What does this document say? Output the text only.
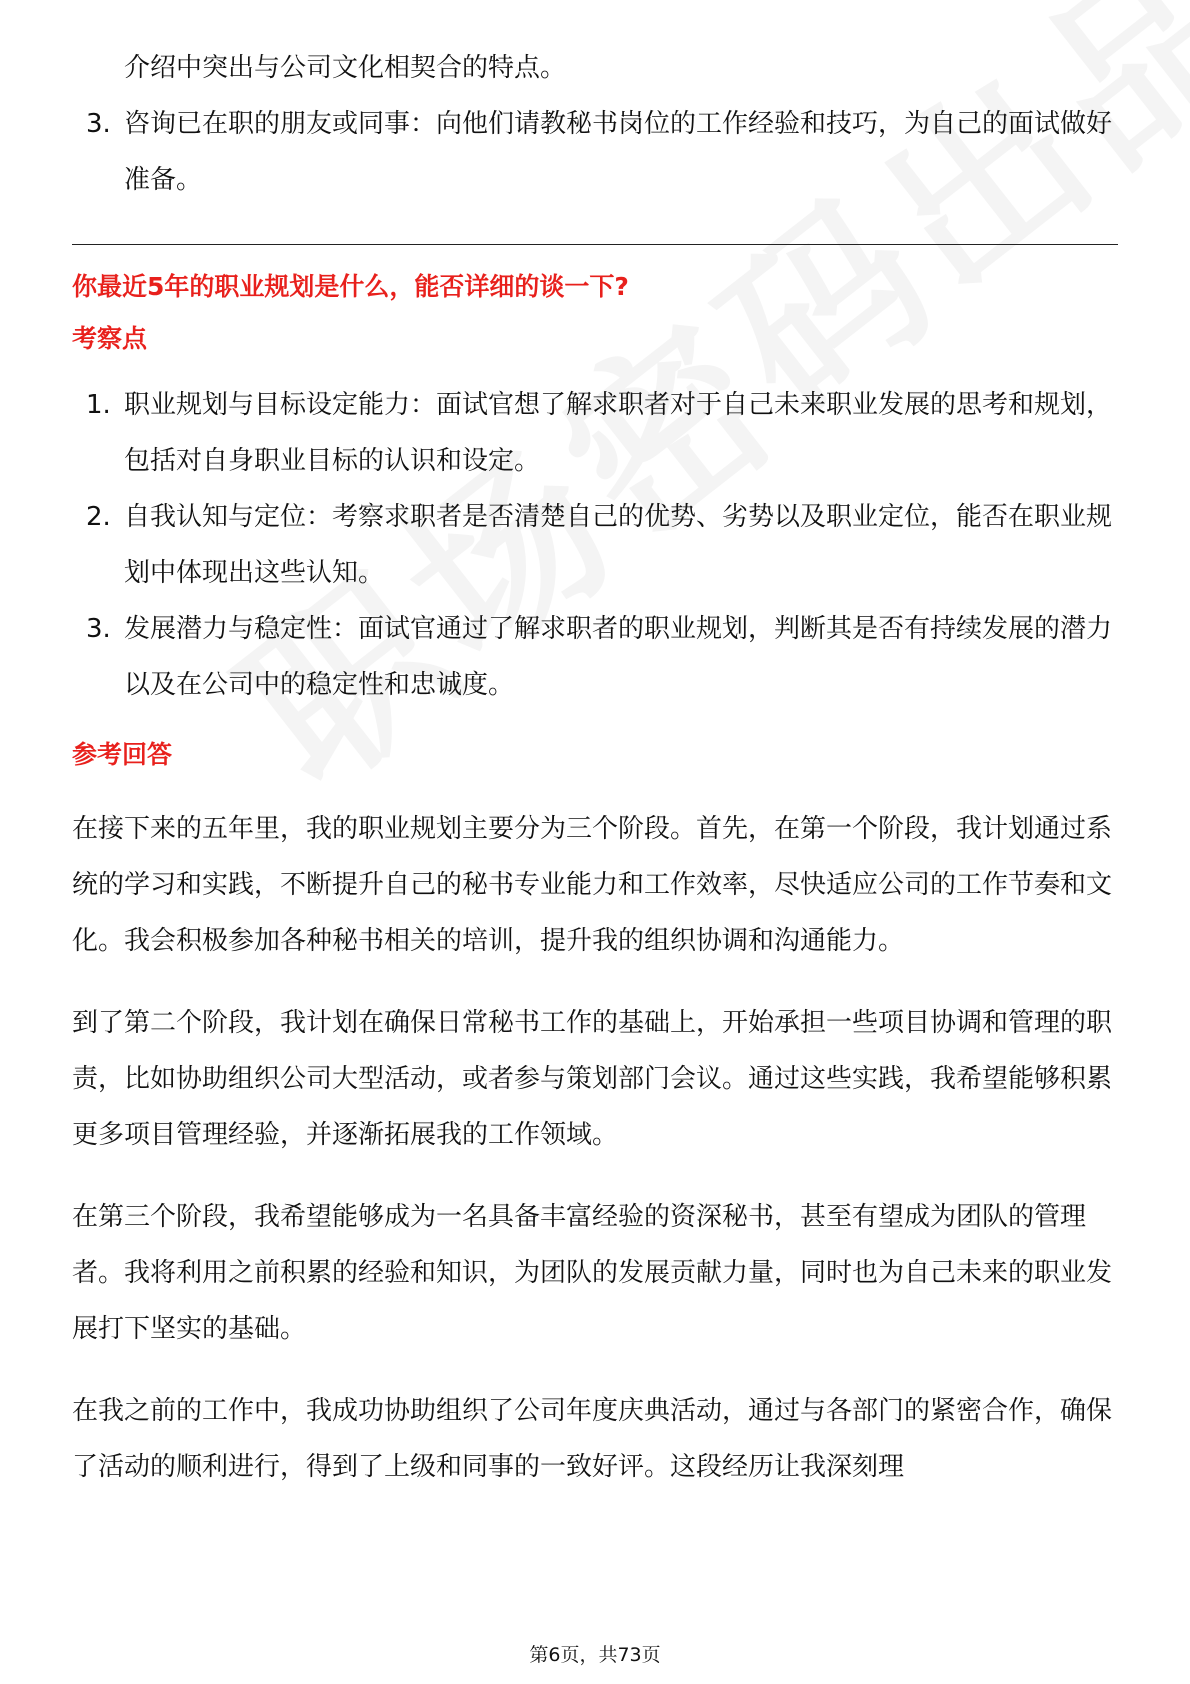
介绍中突出与公司文化相契合的特点。
3. 咨询已在职的朋友或同事：向他们请教秘书岗位的工作经验和技巧，为自己的面试做好准备。
你最近5年的职业规划是什么，能否详细的谈一下?
考察点
1. 职业规划与目标设定能力：面试官想了解求职者对于自己未来职业发展的思考和规划，包括对自身职业目标的认识和设定。
2. 自我认知与定位：考察求职者是否清楚自己的优势、劣势以及职业定位，能否在职业规划中体现出这些认知。
3. 发展潜力与稳定性：面试官通过了解求职者的职业规划，判断其是否有持续发展的潜力以及在公司中的稳定性和忠诚度。
参考回答

在接下来的五年里，我的职业规划主要分为三个阶段。首先，在第一个阶段，我计划通过系统的学习和实践，不断提升自己的秘书专业能力和工作效率，尽快适应公司的工作节奏和文化。我会积极参加各种秘书相关的培训，提升我的组织协调和沟通能力。

到了第二个阶段，我计划在确保日常秘书工作的基础上，开始承担一些项目协调和管理的职责，比如协助组织公司大型活动，或者参与策划部门会议。通过这些实践，我希望能够积累更多项目管理经验，并逐渐拓展我的工作领域。

在第三个阶段，我希望能够成为一名具备丰富经验的资深秘书，甚至有望成为团队的管理者。我将利用之前积累的经验和知识，为团队的发展贡献力量，同时也为自己未来的职业发展打下坚实的基础。

在我之前的工作中，我成功协助组织了公司年度庆典活动，通过与各部门的紧密合作，确保了活动的顺利进行，得到了上级和同事的一致好评。这段经历让我深刻理

第6页，共73页
